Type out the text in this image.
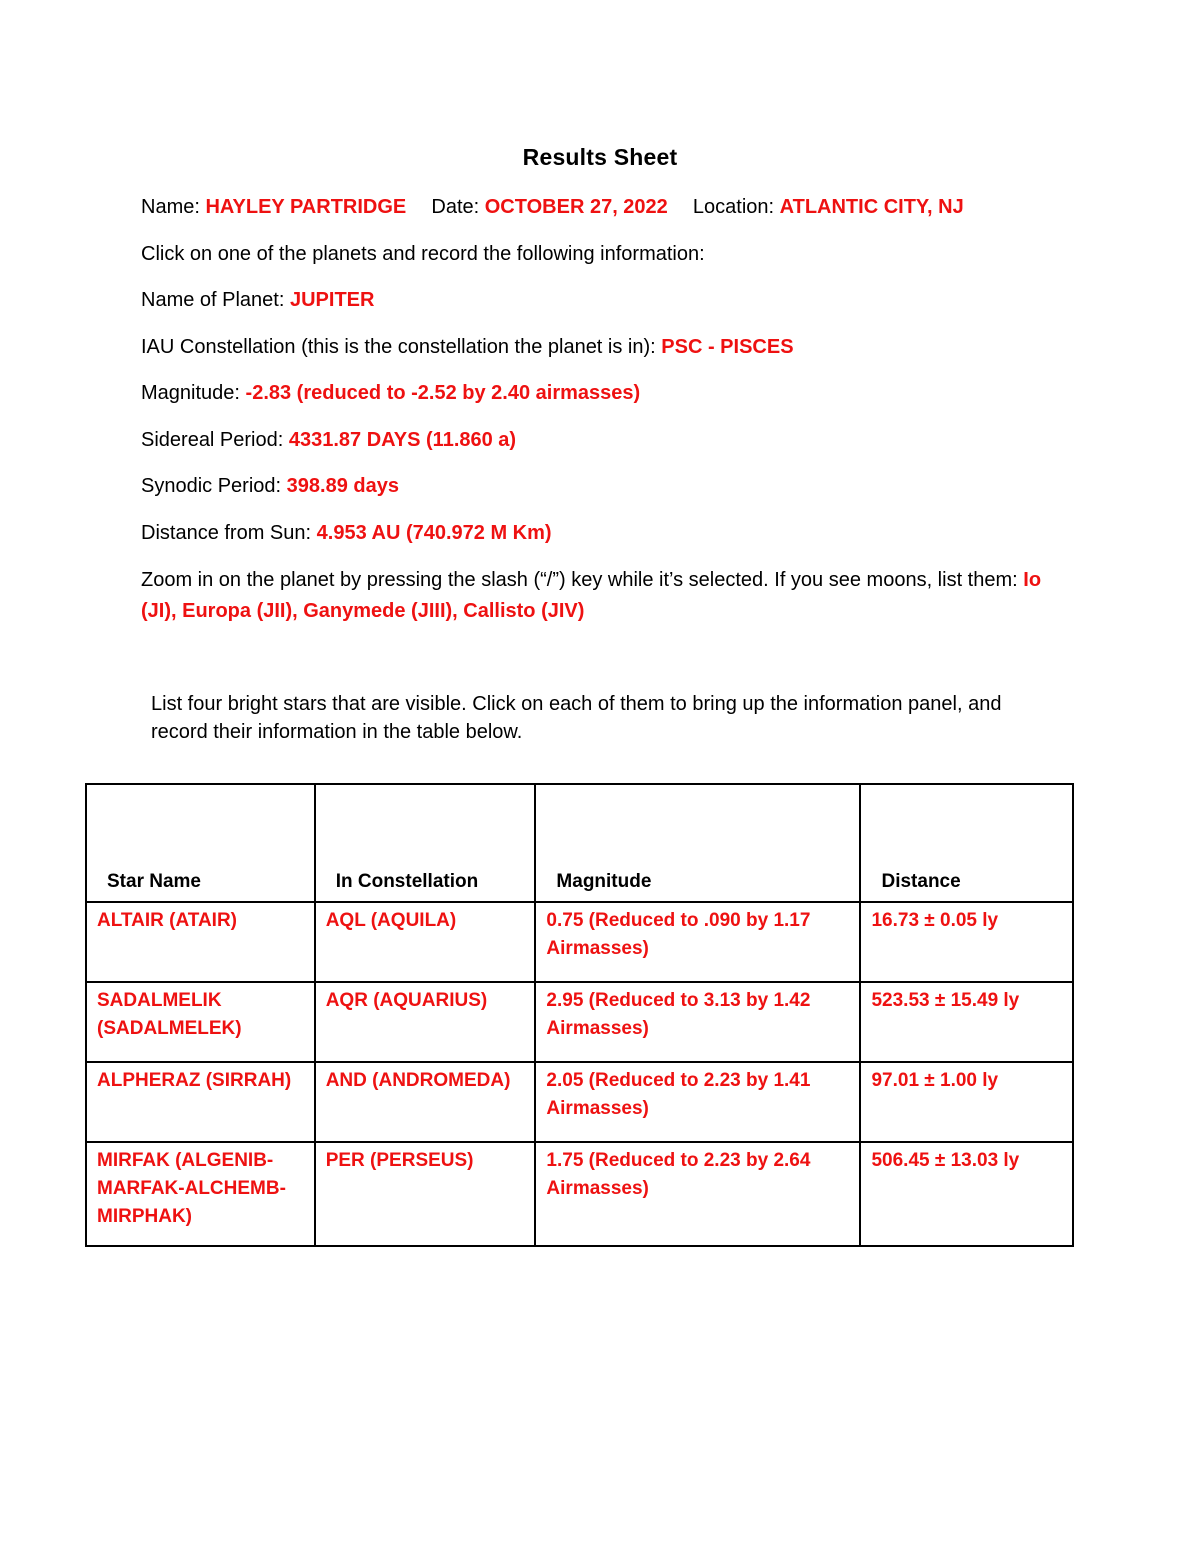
Results Sheet
Name: HAYLEY PARTRIDGE Date: OCTOBER 27, 2022 Location: ATLANTIC CITY, NJ
Click on one of the planets and record the following information:
Name of Planet: JUPITER
IAU Constellation (this is the constellation the planet is in): PSC - PISCES
Magnitude: -2.83 (reduced to -2.52 by 2.40 airmasses)
Sidereal Period: 4331.87 DAYS (11.860 a)
Synodic Period: 398.89 days
Distance from Sun: 4.953 AU (740.972 M Km)
Zoom in on the planet by pressing the slash (“/”) key while it’s selected. If you see moons, list them: Io (JI), Europa (JII), Ganymede (JIII), Callisto (JIV)
List four bright stars that are visible. Click on each of them to bring up the information panel, and record their information in the table below.
Star Name	In Constellation	Magnitude	Distance

ALTAIR (ATAIR)	AQL (AQUILA)	0.75 (Reduced to .090 by 1.17 Airmasses)	16.73 ± 0.05 ly

SADALMELIK (SADALMELEK)	AQR (AQUARIUS)	2.95 (Reduced to 3.13 by 1.42 Airmasses)	523.53 ± 15.49 ly

ALPHERAZ (SIRRAH)	AND (ANDROMEDA)	2.05 (Reduced to 2.23 by 1.41 Airmasses)	97.01 ± 1.00 ly

MIRFAK (ALGENIB-MARFAK-ALCHEMB-MIRPHAK)	PER (PERSEUS)	1.75 (Reduced to 2.23 by 2.64 Airmasses)	506.45 ± 13.03 ly
